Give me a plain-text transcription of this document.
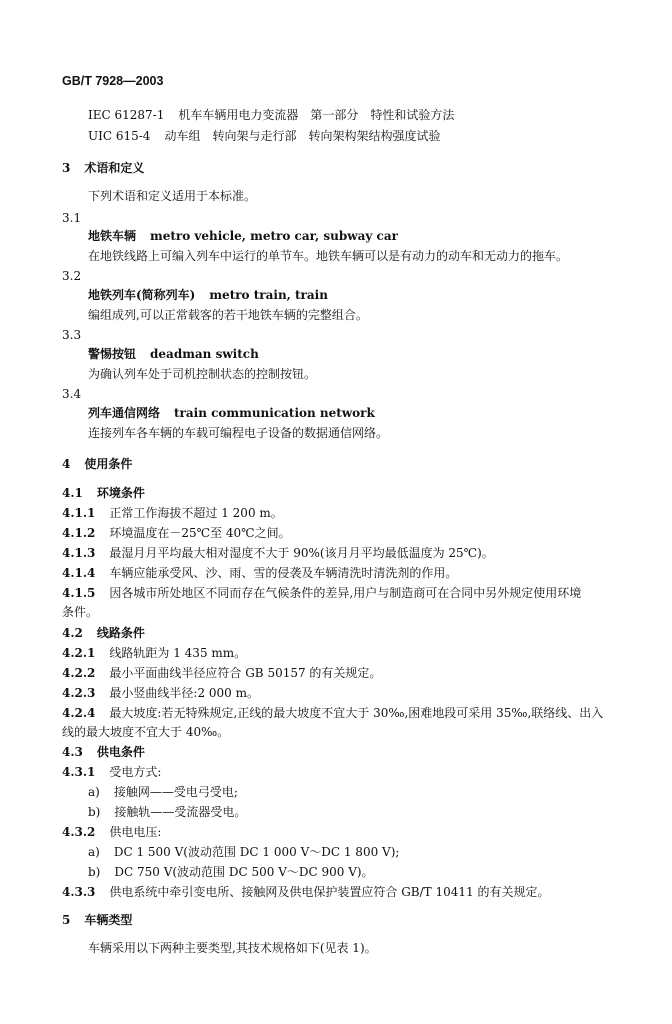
GB/T 7928—2003
IEC 61287-1 机车车辆用电力变流器　第一部分　特性和试验方法
UIC 615-4 动车组　转向架与走行部　转向架构架结构强度试验
3 术语和定义
下列术语和定义适用于本标准。
3.1
地铁车辆 metro vehicle, metro car, subway car
在地铁线路上可编入列车中运行的单节车。地铁车辆可以是有动力的动车和无动力的拖车。
3.2
地铁列车(简称列车) metro train, train
编组成列,可以正常载客的若干地铁车辆的完整组合。
3.3
警惕按钮 deadman switch
为确认列车处于司机控制状态的控制按钮。
3.4
列车通信网络 train communication network
连接列车各车辆的车载可编程电子设备的数据通信网络。
4 使用条件
4.1 环境条件
4.1.1 正常工作海拔不超过 1 200 m。
4.1.2 环境温度在－25℃至 40℃之间。
4.1.3 最湿月月平均最大相对湿度不大于 90%(该月月平均最低温度为 25℃)。
4.1.4 车辆应能承受风、沙、雨、雪的侵袭及车辆清洗时清洗剂的作用。
4.1.5 因各城市所处地区不同而存在气候条件的差异,用户与制造商可在合同中另外规定使用环境
条件。
4.2 线路条件
4.2.1 线路轨距为 1 435 mm。
4.2.2 最小平面曲线半径应符合 GB 50157 的有关规定。
4.2.3 最小竖曲线半径:2 000 m。
4.2.4 最大坡度:若无特殊规定,正线的最大坡度不宜大于 30‰,困难地段可采用 35‰,联络线、出入
线的最大坡度不宜大于 40‰。
4.3 供电条件
4.3.1 受电方式:
a) 接触网——受电弓受电;
b) 接触轨——受流器受电。
4.3.2 供电电压:
a) DC 1 500 V(波动范围 DC 1 000 V～DC 1 800 V);
b) DC 750 V(波动范围 DC 500 V～DC 900 V)。
4.3.3 供电系统中牵引变电所、接触网及供电保护装置应符合 GB/T 10411 的有关规定。
5 车辆类型
车辆采用以下两种主要类型,其技术规格如下(见表 1)。
